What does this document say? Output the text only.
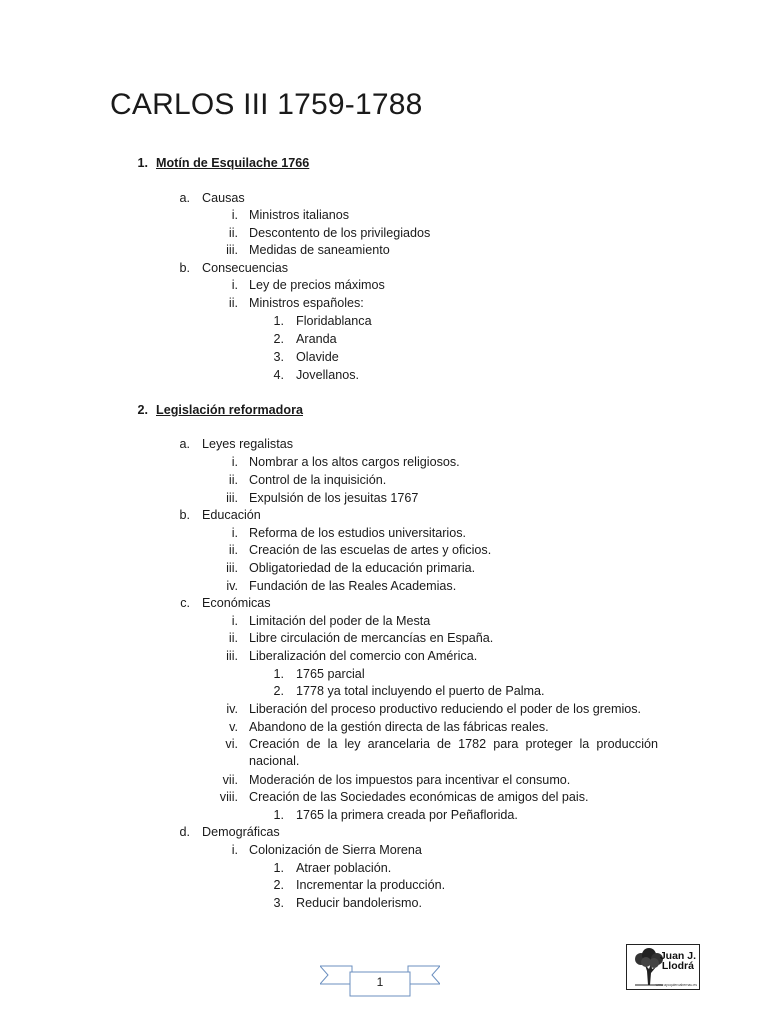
CARLOS III 1759-1788
1. Motín de Esquilache 1766
a. Causas
i. Ministros italianos
ii. Descontento de los privilegiados
iii. Medidas de saneamiento
b. Consecuencias
i. Ley de precios máximos
ii. Ministros españoles:
1. Floridablanca
2. Aranda
3. Olavide
4. Jovellanos.
2. Legislación reformadora
a. Leyes regalistas
i. Nombrar a los altos cargos religiosos.
ii. Control de la inquisición.
iii. Expulsión de los jesuitas 1767
b. Educación
i. Reforma de los estudios universitarios.
ii. Creación de las escuelas de artes y oficios.
iii. Obligatoriedad de la educación primaria.
iv. Fundación de las Reales Academias.
c. Económicas
i. Limitación del poder de la Mesta
ii. Libre circulación de mercancías en España.
iii. Liberalización del comercio con América.
1. 1765 parcial
2. 1778 ya total incluyendo el puerto de Palma.
iv. Liberación del proceso productivo reduciendo el poder de los gremios.
v. Abandono de la gestión directa de las fábricas reales.
vi. Creación de la ley arancelaria de 1782 para proteger la producción nacional.
vii. Moderación de los impuestos para incentivar el consumo.
viii. Creación de las Sociedades económicas de amigos del pais.
1. 1765 la primera creada por Peñaflorida.
d. Demográficas
i. Colonización de Sierra Morena
1. Atraer población.
2. Incrementar la producción.
3. Reducir bandolerismo.
1
Juan J.
Llodrá
www.ayoquieroabernau.es
